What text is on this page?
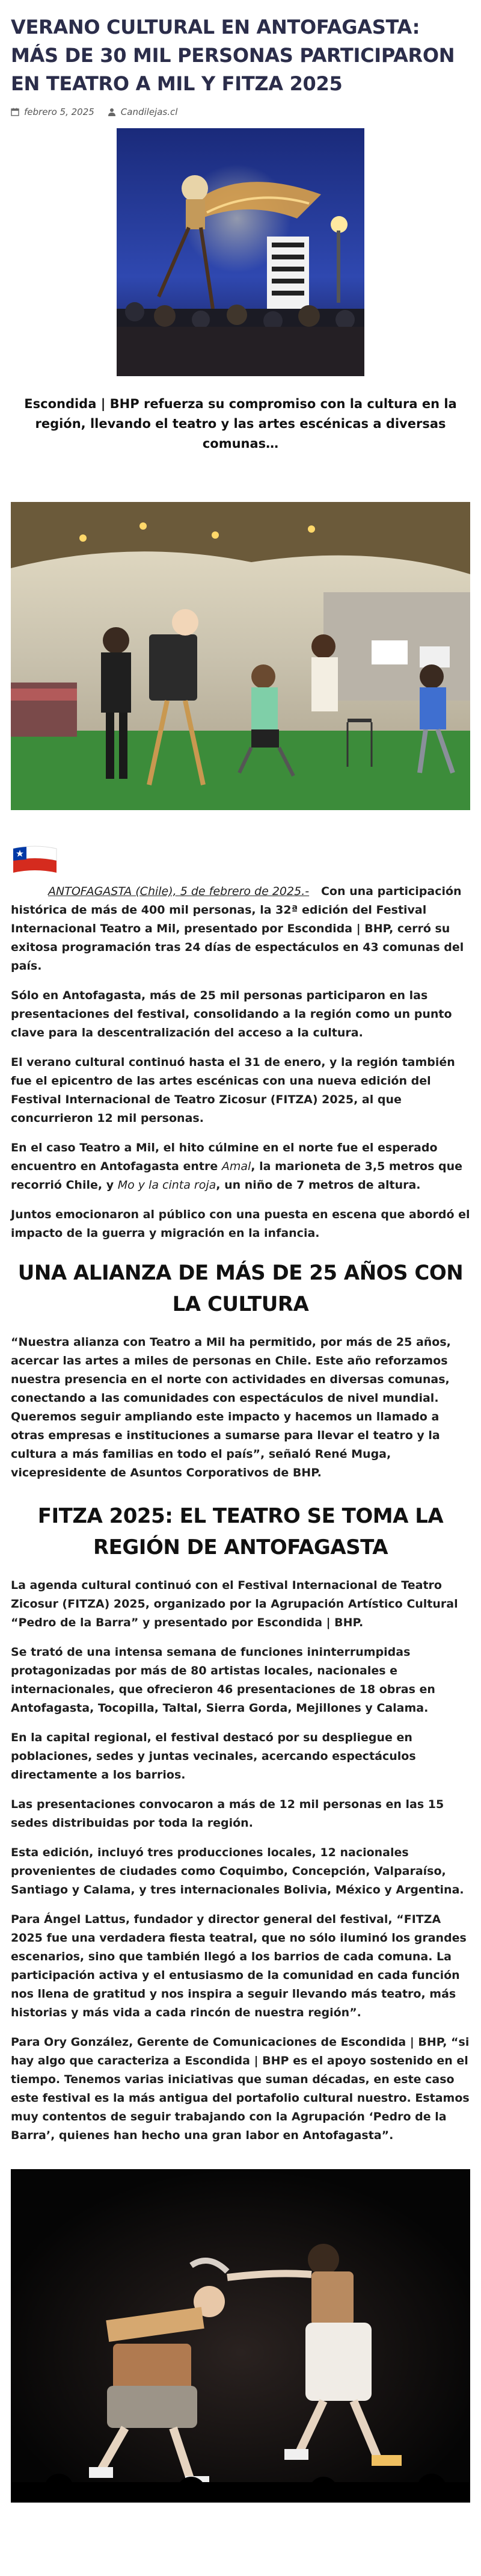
VERANO CULTURAL EN ANTOFAGASTA: MÁS DE 30 MIL PERSONAS PARTICIPARON EN TEATRO A MIL Y FITZA 2025
febrero 5, 2025	Candilejas.cl
Escondida | BHP refuerza su compromiso con la cultura en la región, llevando el teatro y las artes escénicas a diversas comunas…

ANTOFAGASTA (Chile), 5 de febrero de 2025.- Con una participación histórica de más de 400 mil personas, la 32ª edición del Festival Internacional Teatro a Mil, presentado por Escondida | BHP, cerró su exitosa programación tras 24 días de espectáculos en 43 comunas del país.

Sólo en Antofagasta, más de 25 mil personas participaron en las presentaciones del festival, consolidando a la región como un punto clave para la descentralización del acceso a la cultura.

El verano cultural continuó hasta el 31 de enero, y la región también fue el epicentro de las artes escénicas con una nueva edición del Festival Internacional de Teatro Zicosur (FITZA) 2025, al que concurrieron 12 mil personas.

En el caso Teatro a Mil, el hito cúlmine en el norte fue el esperado encuentro en Antofagasta entre Amal, la marioneta de 3,5 metros que recorrió Chile, y Mo y la cinta roja, un niño de 7 metros de altura.

Juntos emocionaron al público con una puesta en escena que abordó el impacto de la guerra y migración en la infancia.

UNA ALIANZA DE MÁS DE 25 AÑOS CON LA CULTURA

“Nuestra alianza con Teatro a Mil ha permitido, por más de 25 años, acercar las artes a miles de personas en Chile. Este año reforzamos nuestra presencia en el norte con actividades en diversas comunas, conectando a las comunidades con espectáculos de nivel mundial. Queremos seguir ampliando este impacto y hacemos un llamado a otras empresas e instituciones a sumarse para llevar el teatro y la cultura a más familias en todo el país”, señaló René Muga, vicepresidente de Asuntos Corporativos de BHP.

FITZA 2025: EL TEATRO SE TOMA LA REGIÓN DE ANTOFAGASTA

La agenda cultural continuó con el Festival Internacional de Teatro Zicosur (FITZA) 2025, organizado por la Agrupación Artístico Cultural “Pedro de la Barra” y presentado por Escondida | BHP.

Se trató de una intensa semana de funciones ininterrumpidas protagonizadas por más de 80 artistas locales, nacionales e internacionales, que ofrecieron 46 presentaciones de 18 obras en Antofagasta, Tocopilla, Taltal, Sierra Gorda, Mejillones y Calama.

En la capital regional, el festival destacó por su despliegue en poblaciones, sedes y juntas vecinales, acercando espectáculos directamente a los barrios.

Las presentaciones convocaron a más de 12 mil personas en las 15 sedes distribuidas por toda la región.

Esta edición, incluyó tres producciones locales, 12 nacionales provenientes de ciudades como Coquimbo, Concepción, Valparaíso, Santiago y Calama, y tres internacionales Bolivia, México y Argentina.

Para Ángel Lattus, fundador y director general del festival, “FITZA 2025 fue una verdadera fiesta teatral, que no sólo iluminó los grandes escenarios, sino que también llegó a los barrios de cada comuna. La participación activa y el entusiasmo de la comunidad en cada función nos llena de gratitud y nos inspira a seguir llevando más teatro, más historias y más vida a cada rincón de nuestra región”.

Para Ory González, Gerente de Comunicaciones de Escondida | BHP, “si hay algo que caracteriza a Escondida | BHP es el apoyo sostenido en el tiempo. Tenemos varias iniciativas que suman décadas, en este caso este festival es la más antigua del portafolio cultural nuestro. Estamos muy contentos de seguir trabajando con la Agrupación ‘Pedro de la Barra’, quienes han hecho una gran labor en Antofagasta”.
